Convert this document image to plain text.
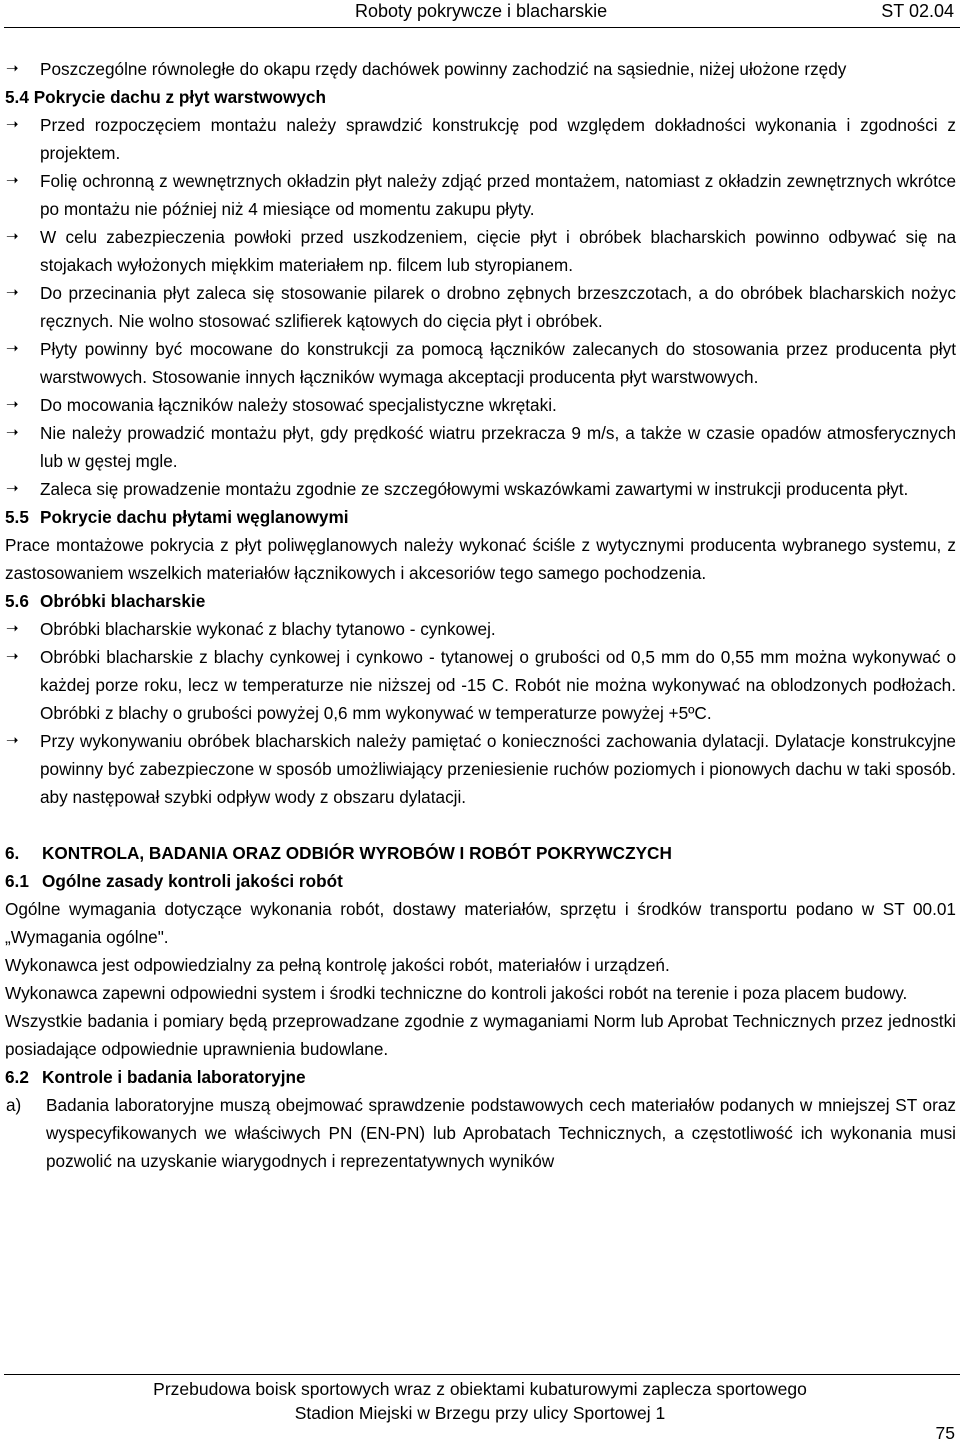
Roboty pokrywcze i blacharskie	ST 02.04
➝ Poszczególne równoległe do okapu rzędy dachówek powinny zachodzić na sąsiednie, niżej ułożone rzędy
5.4 Pokrycie dachu z płyt warstwowych
➝ Przed rozpoczęciem montażu należy sprawdzić konstrukcję pod względem dokładności wykonania i zgodności z projektem.
➝ Folię ochronną z wewnętrznych okładzin płyt należy zdjąć przed montażem, natomiast z okładzin zewnętrznych wkrótce po montażu nie później niż 4 miesiące od momentu zakupu płyty.
➝ W celu zabezpieczenia powłoki przed uszkodzeniem, cięcie płyt i obróbek blacharskich powinno odbywać się na stojakach wyłożonych miękkim materiałem np. filcem lub styropianem.
➝ Do przecinania płyt zaleca się stosowanie pilarek o drobno zębnych brzeszczotach, a do obróbek blacharskich nożyc ręcznych. Nie wolno stosować szlifierek kątowych do cięcia płyt i obróbek.
➝ Płyty powinny być mocowane do konstrukcji za pomocą łączników zalecanych do stosowania przez producenta płyt warstwowych. Stosowanie innych łączników wymaga akceptacji producenta płyt warstwowych.
➝ Do mocowania łączników należy stosować specjalistyczne wkrętaki.
➝ Nie należy prowadzić montażu płyt, gdy prędkość wiatru przekracza 9 m/s, a także w czasie opadów atmosferycznych lub w gęstej mgle.
➝ Zaleca się prowadzenie montażu zgodnie ze szczegółowymi wskazówkami zawartymi w instrukcji producenta płyt.
5.5 Pokrycie dachu płytami węglanowymi

Prace montażowe pokrycia z płyt poliwęglanowych należy wykonać ściśle z wytycznymi producenta wybranego systemu, z zastosowaniem wszelkich materiałów łącznikowych i akcesoriów tego samego pochodzenia.

5.6 Obróbki blacharskie
➝ Obróbki blacharskie wykonać z blachy tytanowo - cynkowej.
➝ Obróbki blacharskie z blachy cynkowej i cynkowo - tytanowej o grubości od 0,5 mm do 0,55 mm można wykonywać o każdej porze roku, lecz w temperaturze nie niższej od -15 C. Robót nie można wykonywać na oblodzonych podłożach. Obróbki z blachy o grubości powyżej 0,6 mm wykonywać w temperaturze powyżej +5ºC.
➝ Przy wykonywaniu obróbek blacharskich należy pamiętać o konieczności zachowania dylatacji. Dylatacje konstrukcyjne powinny być zabezpieczone w sposób umożliwiający przeniesienie ruchów poziomych i pionowych dachu w taki sposób. aby następował szybki odpływ wody z obszaru dylatacji.
6. KONTROLA, BADANIA ORAZ ODBIÓR WYROBÓW I ROBÓT POKRYWCZYCH
6.1 Ogólne zasady kontroli jakości robót

Ogólne wymagania dotyczące wykonania robót, dostawy materiałów, sprzętu i środków transportu podano w ST 00.01 „Wymagania ogólne".

Wykonawca jest odpowiedzialny za pełną kontrolę jakości robót, materiałów i urządzeń.

Wykonawca zapewni odpowiedni system i środki techniczne do kontroli jakości robót na terenie i poza placem budowy.

Wszystkie badania i pomiary będą przeprowadzane zgodnie z wymaganiami Norm lub Aprobat Technicznych przez jednostki posiadające odpowiednie uprawnienia budowlane.

6.2 Kontrole i badania laboratoryjne
a) Badania laboratoryjne muszą obejmować sprawdzenie podstawowych cech materiałów podanych w mniejszej ST oraz wyspecyfikowanych we właściwych PN (EN-PN) lub Aprobatach Technicznych, a częstotliwość ich wykonania musi pozwolić na uzyskanie wiarygodnych i reprezentatywnych wyników
Przebudowa boisk sportowych wraz z obiektami kubaturowymi zaplecza sportowego
Stadion Miejski w Brzegu przy ulicy Sportowej 1
75
